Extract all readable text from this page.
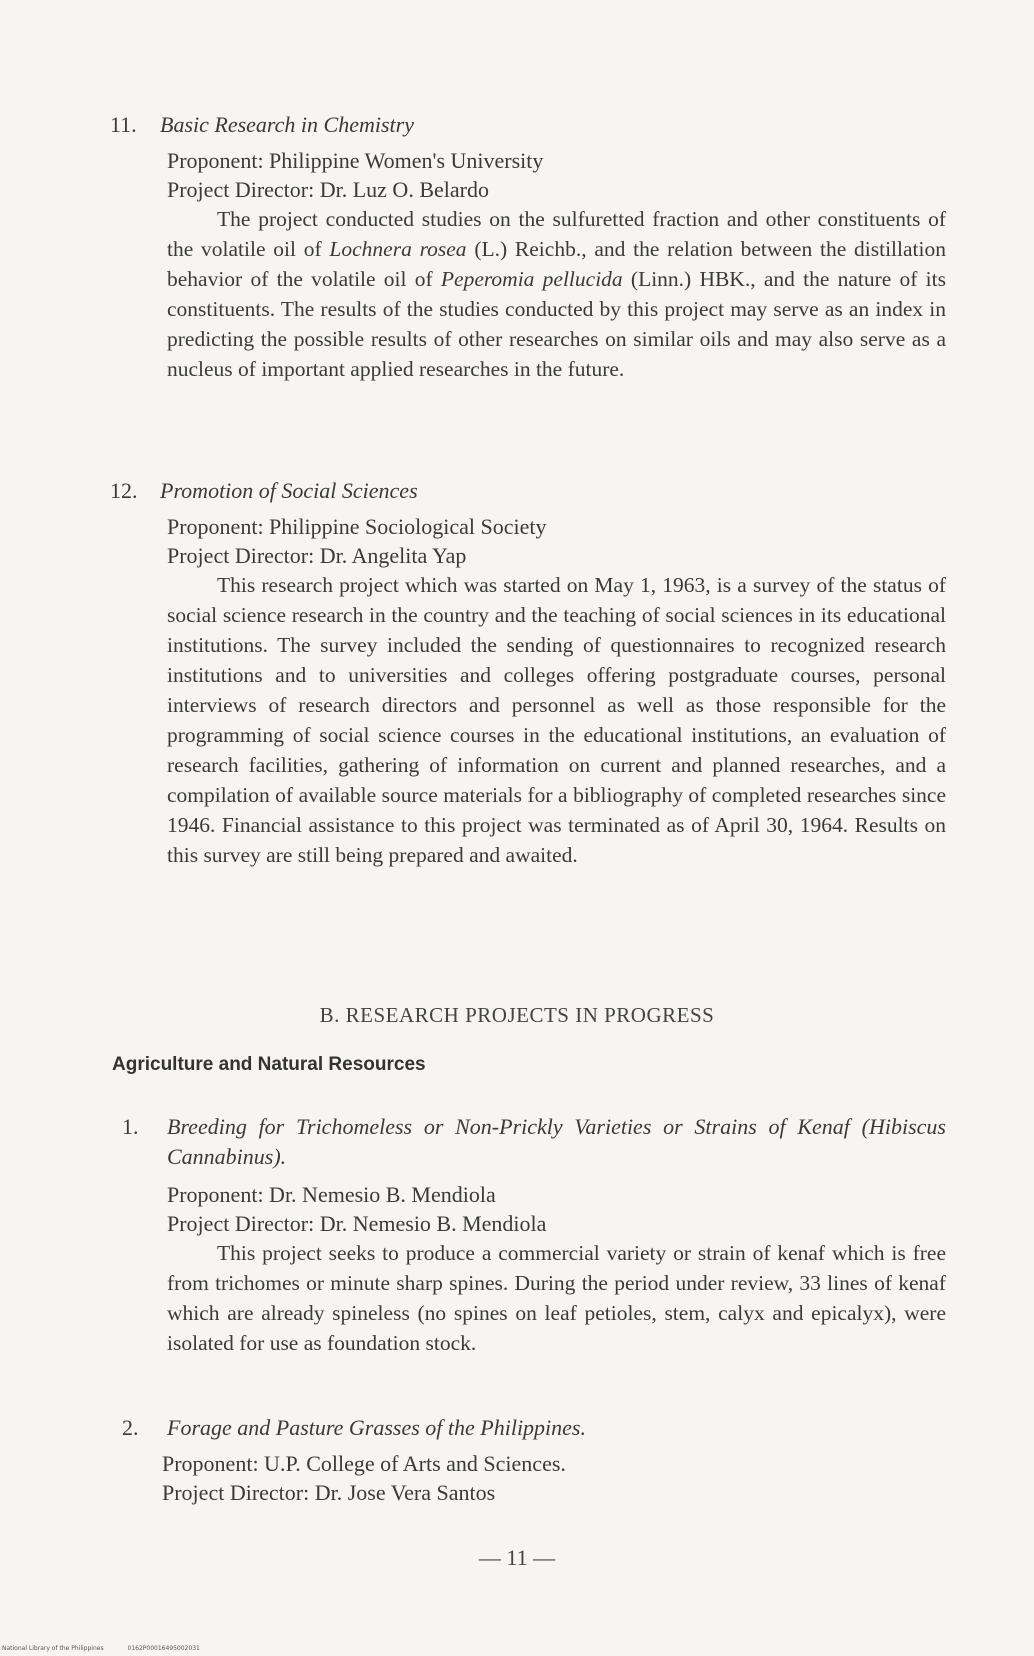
11. Basic Research in Chemistry
Proponent: Philippine Women's University
Project Director: Dr. Luz O. Belardo

The project conducted studies on the sulfuretted fraction and other constituents of the volatile oil of Lochnera rosea (L.) Reichb., and the relation between the distillation behavior of the volatile oil of Peperomia pellucida (Linn.) HBK., and the nature of its constituents. The results of the studies conducted by this project may serve as an index in predicting the possible results of other researches on similar oils and may also serve as a nucleus of important applied researches in the future.

12. Promotion of Social Sciences
Proponent: Philippine Sociological Society
Project Director: Dr. Angelita Yap

This research project which was started on May 1, 1963, is a survey of the status of social science research in the country and the teaching of social sciences in its educational institutions. The survey included the sending of questionnaires to recognized research institutions and to universities and colleges offering postgraduate courses, personal interviews of research directors and personnel as well as those responsible for the programming of social science courses in the educational institutions, an evaluation of research facilities, gathering of information on current and planned researches, and a compilation of available source materials for a bibliography of completed researches since 1946. Financial assistance to this project was terminated as of April 30, 1964. Results on this survey are still being prepared and awaited.

B. RESEARCH PROJECTS IN PROGRESS
Agriculture and Natural Resources
1. Breeding for Trichomeless or Non-Prickly Varieties or Strains of Kenaf (Hibiscus Cannabinus).
Proponent: Dr. Nemesio B. Mendiola
Project Director: Dr. Nemesio B. Mendiola

This project seeks to produce a commercial variety or strain of kenaf which is free from trichomes or minute sharp spines. During the period under review, 33 lines of kenaf which are already spineless (no spines on leaf petioles, stem, calyx and epicalyx), were isolated for use as foundation stock.

2. Forage and Pasture Grasses of the Philippines.
Proponent: U.P. College of Arts and Sciences.
Project Director: Dr. Jose Vera Santos
— 11 —
National Library of the Philippines	0162P00016495002031
